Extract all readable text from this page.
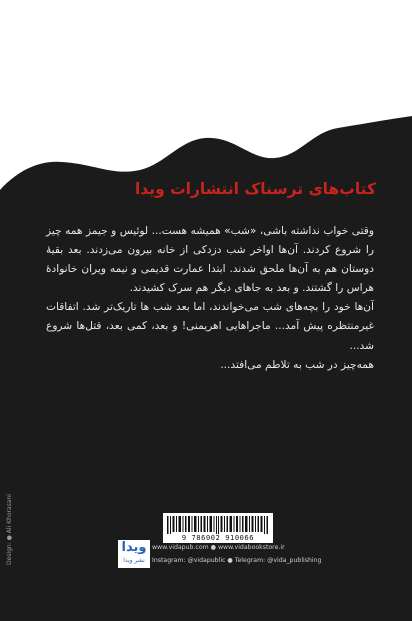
کتاب‌های ترسناک انتشارات ویدا

وقتی خواب نداشته باشی، «شب» همیشه هست... لوئیس و جیمز همه چیز را شروع کردند. آن‌ها اواخر شب دزدکی از خانه بیرون می‌زدند. بعد بقیهٔ دوستان هم به آن‌ها ملحق شدند. ابتدا عمارت قدیمی و نیمه ویران خانوادهٔ هراس را گشتند. و بعد به جاهای دیگر هم سرک کشیدند.

آن‌ها خود را بچه‌های شب می‌خواندند، اما بعد شب ها تاریک‌تر شد. اتفاقات غیرمنتظره پیش آمد... ماجراهایی اهریمنی! و بعد، کمی بعد، قتل‌ها شروع شد...

همه‌چیز در شب به تلاطم می‌افتد...

Design: ● Ali Khorasani	9 786002 910066
ویدا
نشر ویدا
www.vidapub.com ● www.vidabookstore.ir
Instagram: @vidapublic ● Telegram: @vida_publishing
